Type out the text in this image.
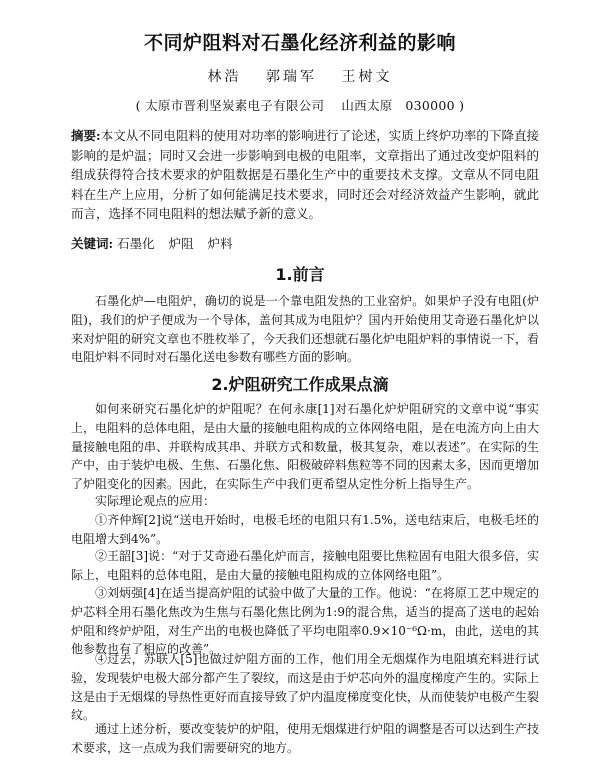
不同炉阻料对石墨化经济利益的影响
林浩 郭瑞军 王树文
( 太原市晋利坚炭素电子有限公司　 山西太原　030000 )
摘要:本文从不同电阻料的使用对功率的影响进行了论述，实质上终炉功率的下降直接影响的是炉温；同时又会进一步影响到电极的电阻率，文章指出了通过改变炉阻料的组成获得符合技术要求的炉阻数据是石墨化生产中的重要技术支撑。文章从不同电阻料在生产上应用，分析了如何能满足技术要求，同时还会对经济效益产生影响，就此而言，选择不同电阻料的想法赋予新的意义。
关键词: 石墨化 炉阻 炉料
1.前言
石墨化炉—电阻炉，确切的说是一个靠电阻发热的工业窑炉。如果炉子没有电阻(炉阻)，我们的炉子便成为一个导体，盖何其成为电阻炉？国内开始使用艾奇逊石墨化炉以来对炉阻的研究文章也不胜枚举了，今天我们还想就石墨化炉电阻炉料的事情说一下，看电阻炉料不同时对石墨化送电参数有哪些方面的影响。
2.炉阻研究工作成果点滴
如何来研究石墨化炉的炉阻呢？在何永康[1]对石墨化炉炉阻研究的文章中说“事实上，电阻料的总体电阻，是由大量的接触电阻构成的立体网络电阻，是在电流方向上由大量接触电阻的串、并联构成其串、并联方式和数量，极其复杂，难以表述”。在实际的生产中，由于装炉电极、生焦、石墨化焦、阳极破碎料焦粒等不同的因素太多，因而更增加了炉阻变化的因素。因此，在实际生产中我们更希望从定性分析上指导生产。
实际理论观点的应用：
①齐仲辉[2]说“送电开始时，电极毛坯的电阻只有1.5%，送电结束后，电极毛坯的电阻增大到4%”。
②王韶[3]说：“对于艾奇逊石墨化炉而言，接触电阻要比焦粒固有电阻大很多倍，实际上，电阻料的总体电阻，是由大量的接触电阻构成的立体网络电阻”。
③刘炳强[4]在适当提高炉阻的试验中做了大量的工作。他说：“在将原工艺中规定的炉芯料全用石墨化焦改为生焦与石墨化焦比例为1:9的混合焦，适当的提高了送电的起始炉阻和终炉炉阻，对生产出的电极也降低了平均电阻率0.9×10⁻⁶Ω·m，由此，送电的其他参数也有了相应的改善”。
④过去，苏联人[5]也做过炉阻方面的工作，他们用全无烟煤作为电阻填充料进行试验，发现装炉电极大部分都产生了裂纹，而这是由于炉芯向外的温度梯度产生的。实际上这是由于无烟煤的导热性更好而直接导致了炉内温度梯度变化快，从而使装炉电极产生裂纹。
通过上述分析，要改变装炉的炉阻，使用无烟煤进行炉阻的调整是否可以达到生产技术要求，这一点成为我们需要研究的地方。
